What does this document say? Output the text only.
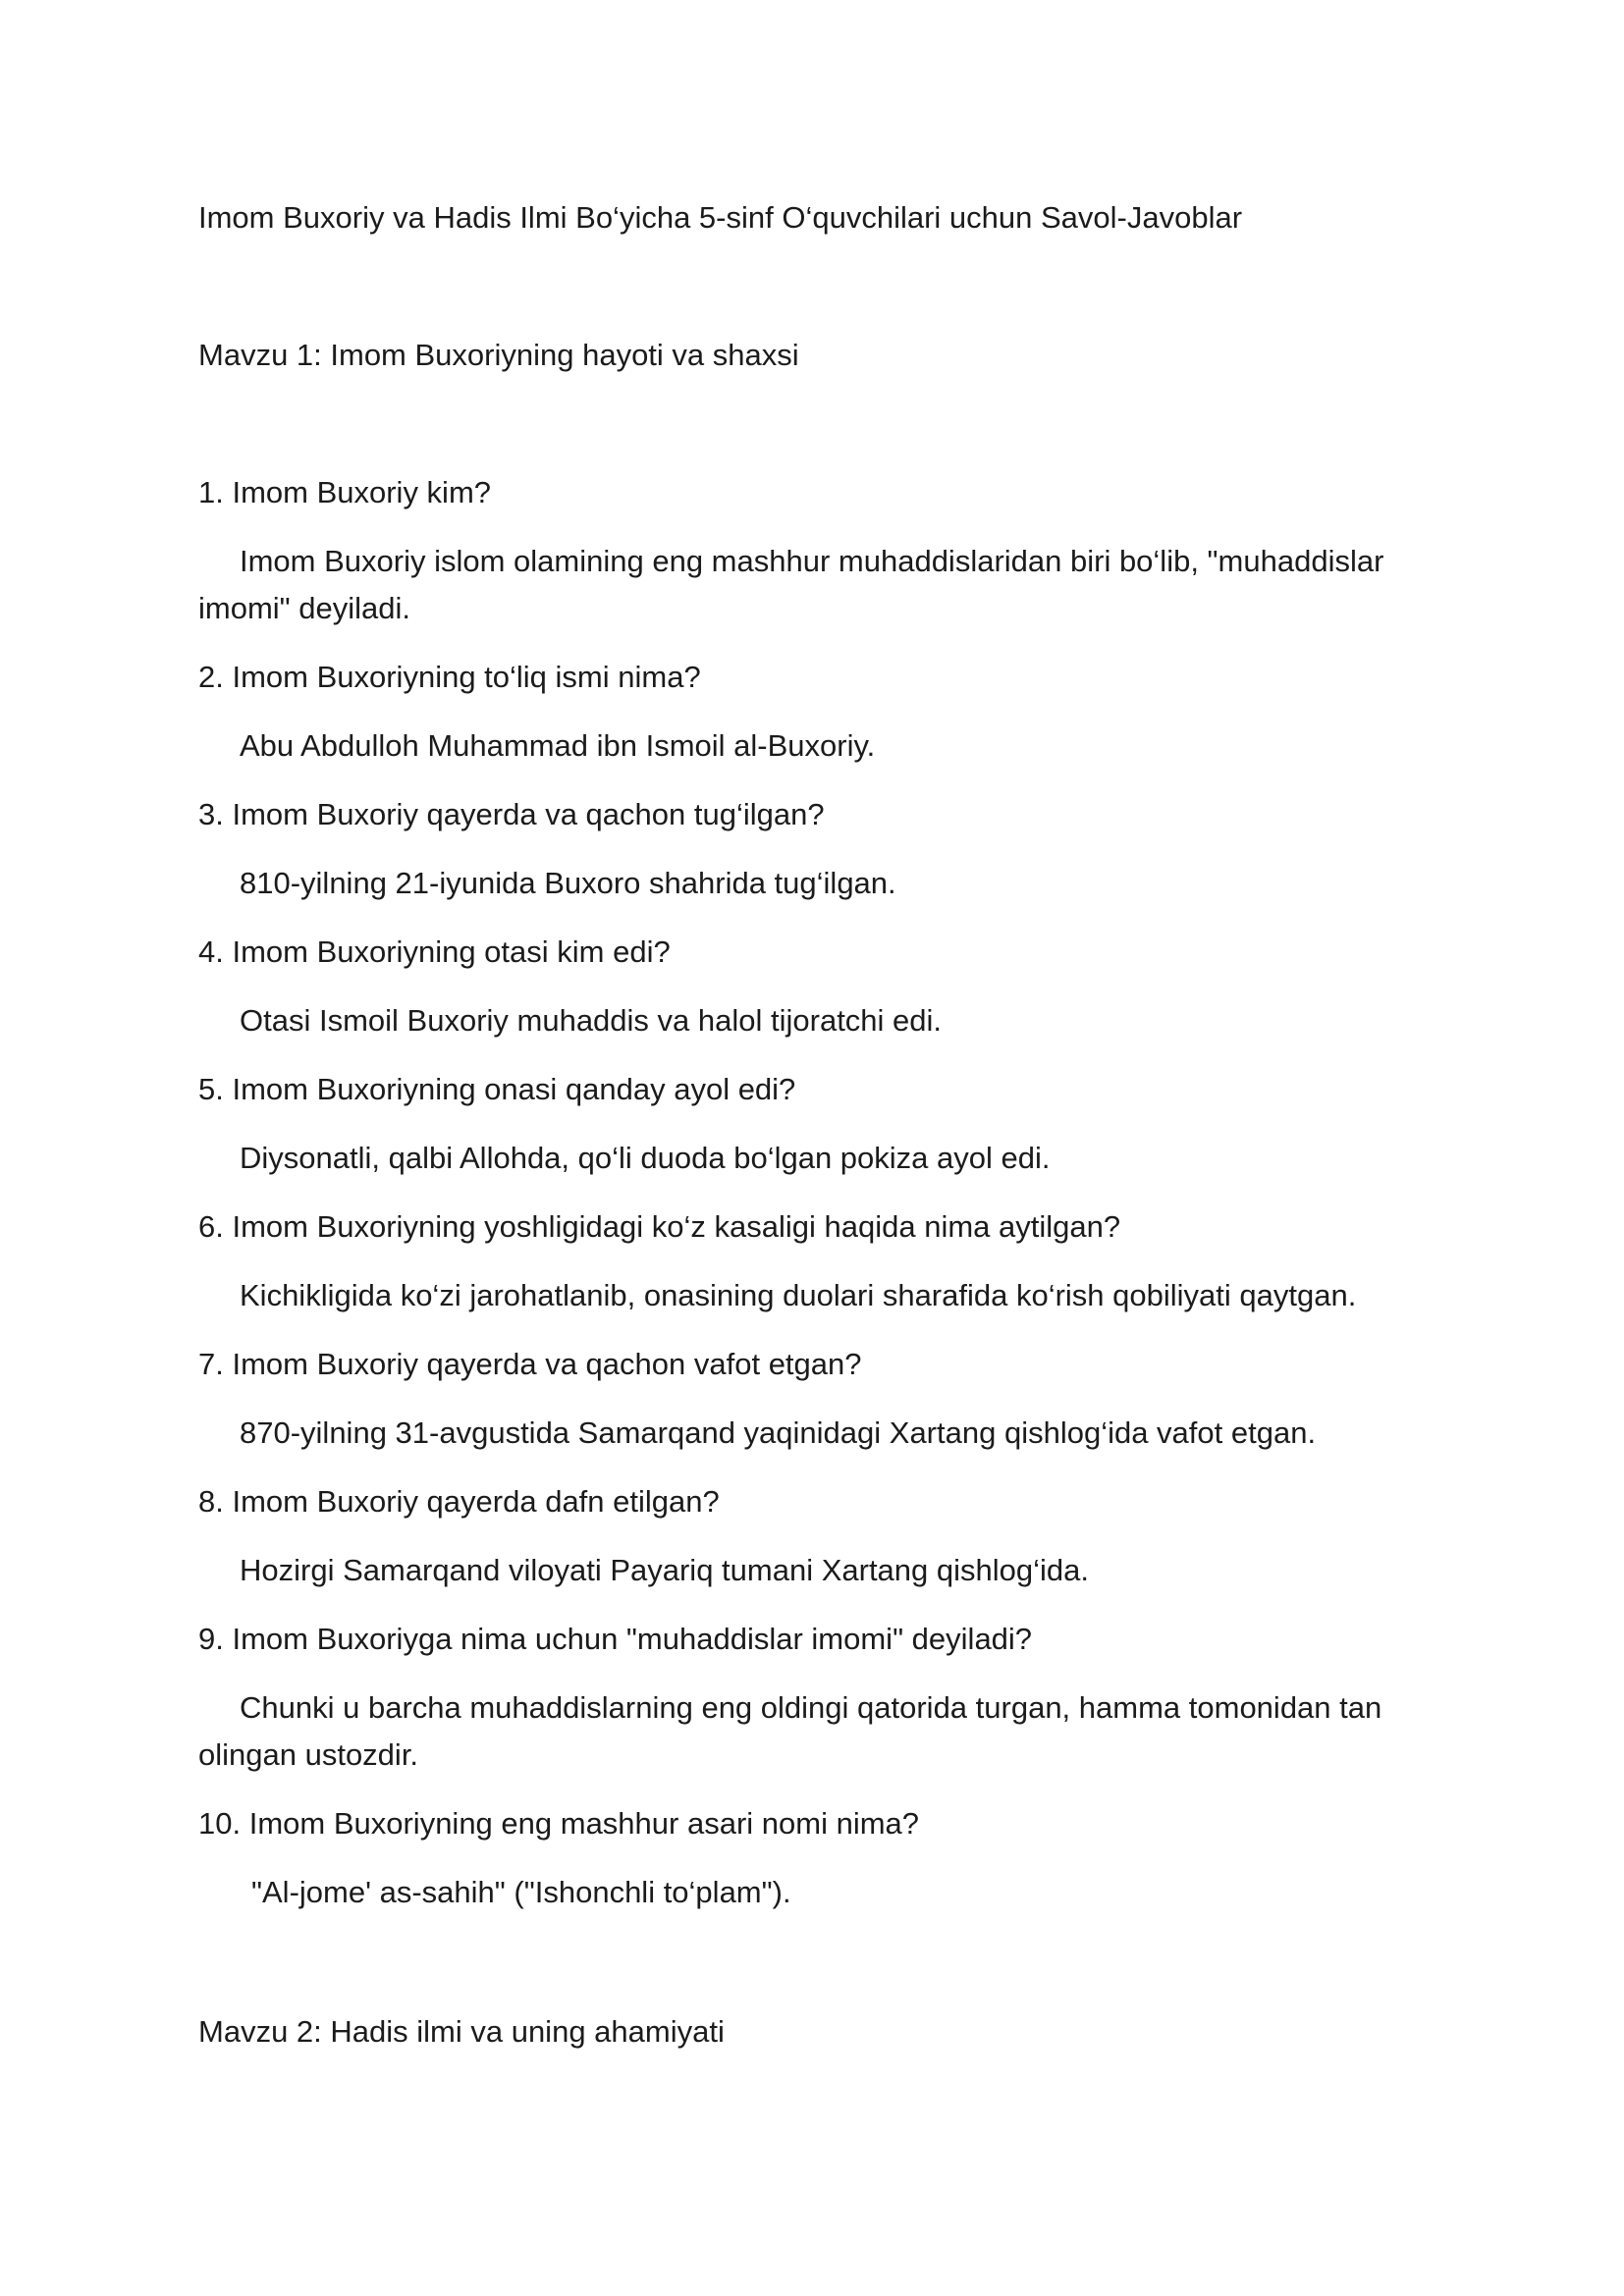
Imom Buxoriy va Hadis Ilmi Bo‘yicha 5-sinf O‘quvchilari uchun Savol-Javoblar

Mavzu 1: Imom Buxoriyning hayoti va shaxsi

1. Imom Buxoriy kim?

Imom Buxoriy islom olamining eng mashhur muhaddislaridan biri bo‘lib, "muhaddislar imomi" deyiladi.

2. Imom Buxoriyning to‘liq ismi nima?

Abu Abdulloh Muhammad ibn Ismoil al-Buxoriy.

3. Imom Buxoriy qayerda va qachon tug‘ilgan?

810-yilning 21-iyunida Buxoro shahrida tug‘ilgan.

4. Imom Buxoriyning otasi kim edi?

Otasi Ismoil Buxoriy muhaddis va halol tijoratchi edi.

5. Imom Buxoriyning onasi qanday ayol edi?

Diysonatli, qalbi Allohda, qo‘li duoda bo‘lgan pokiza ayol edi.

6. Imom Buxoriyning yoshligidagi ko‘z kasaligi haqida nima aytilgan?

Kichikligida ko‘zi jarohatlanib, onasining duolari sharafida ko‘rish qobiliyati qaytgan.

7. Imom Buxoriy qayerda va qachon vafot etgan?

870-yilning 31-avgustida Samarqand yaqinidagi Xartang qishlog‘ida vafot etgan.

8. Imom Buxoriy qayerda dafn etilgan?

Hozirgi Samarqand viloyati Payariq tumani Xartang qishlog‘ida.

9. Imom Buxoriyga nima uchun "muhaddislar imomi" deyiladi?

Chunki u barcha muhaddislarning eng oldingi qatorida turgan, hamma tomonidan tan olingan ustozdir.

10. Imom Buxoriyning eng mashhur asari nomi nima?

"Al-jome' as-sahih" ("Ishonchli to‘plam").

Mavzu 2: Hadis ilmi va uning ahamiyati
